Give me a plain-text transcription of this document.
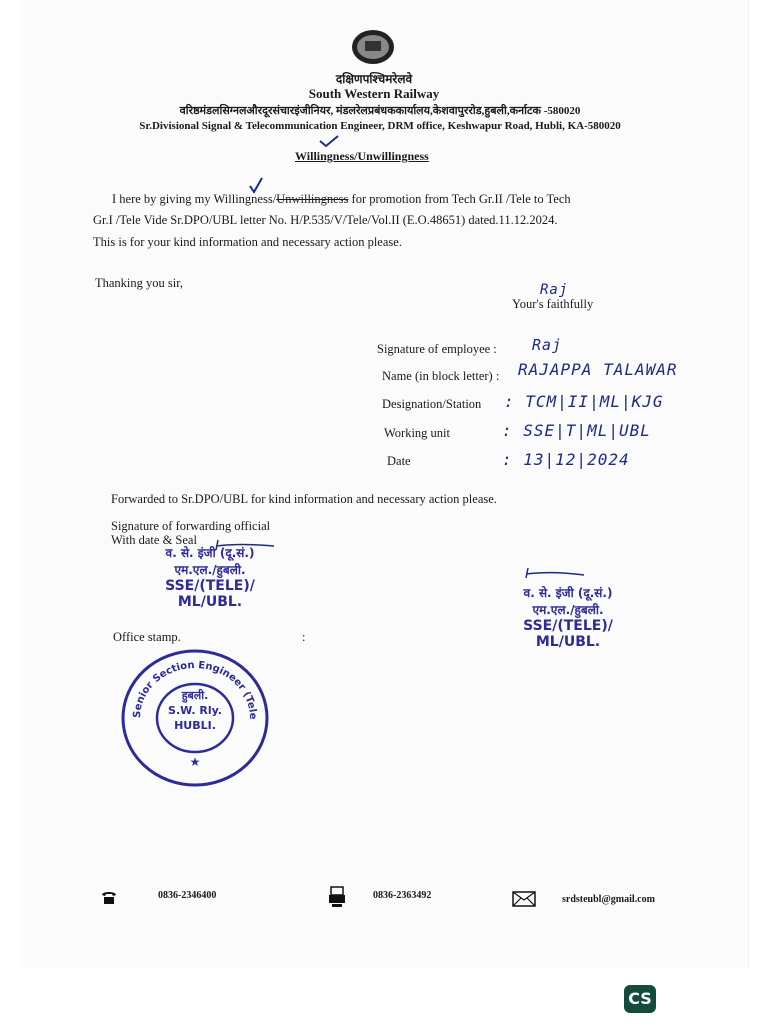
दक्षिणपश्चिमरेलवे
South Western Railway
वरिष्ठमंडलसिग्नलऔरदूरसंचारइंजीनियर, मंडलरेलप्रबंधककार्यालय,केशवापुररोड,हुबली,कर्नाटक -580020
Sr.Divisional Signal & Telecommunication Engineer, DRM office, Keshwapur Road, Hubli, KA-580020
Willingness/Unwillingness
I here by giving my Willingness/Unwillingness for promotion from Tech Gr.II /Tele to Tech
Gr.I /Tele Vide Sr.DPO/UBL letter No. H/P.535/V/Tele/Vol.II (E.O.48651) dated.11.12.2024.
This is for your kind information and necessary action please.
Thanking you sir,
Your's faithfully
Raj
Signature of employee : Raj
Name (in block letter) : RAJAPPA TALAWAR
Designation/Station : TCM|II|ML|KJG
Working unit	: SSE|T|ML|UBL
Date	: 13|12|2024
Forwarded to Sr.DPO/UBL for kind information and necessary action please.
Signature of forwarding official
With date & Seal
Office stamp.	:
व. से. इंजी (दू.सं.)
एम.एल./हुबली.
SSE/(TELE)/
ML/UBL.
व. से. इंजी (दू.सं.)
एम.एल./हुबली.
SSE/(TELE)/
ML/UBL.
★
Senior Section Engineer (Tele
हुबली.
S.W. Rly.
HUBLI.
0836-2346400	0836-2363492	srdsteubl@gmail.com
CS
